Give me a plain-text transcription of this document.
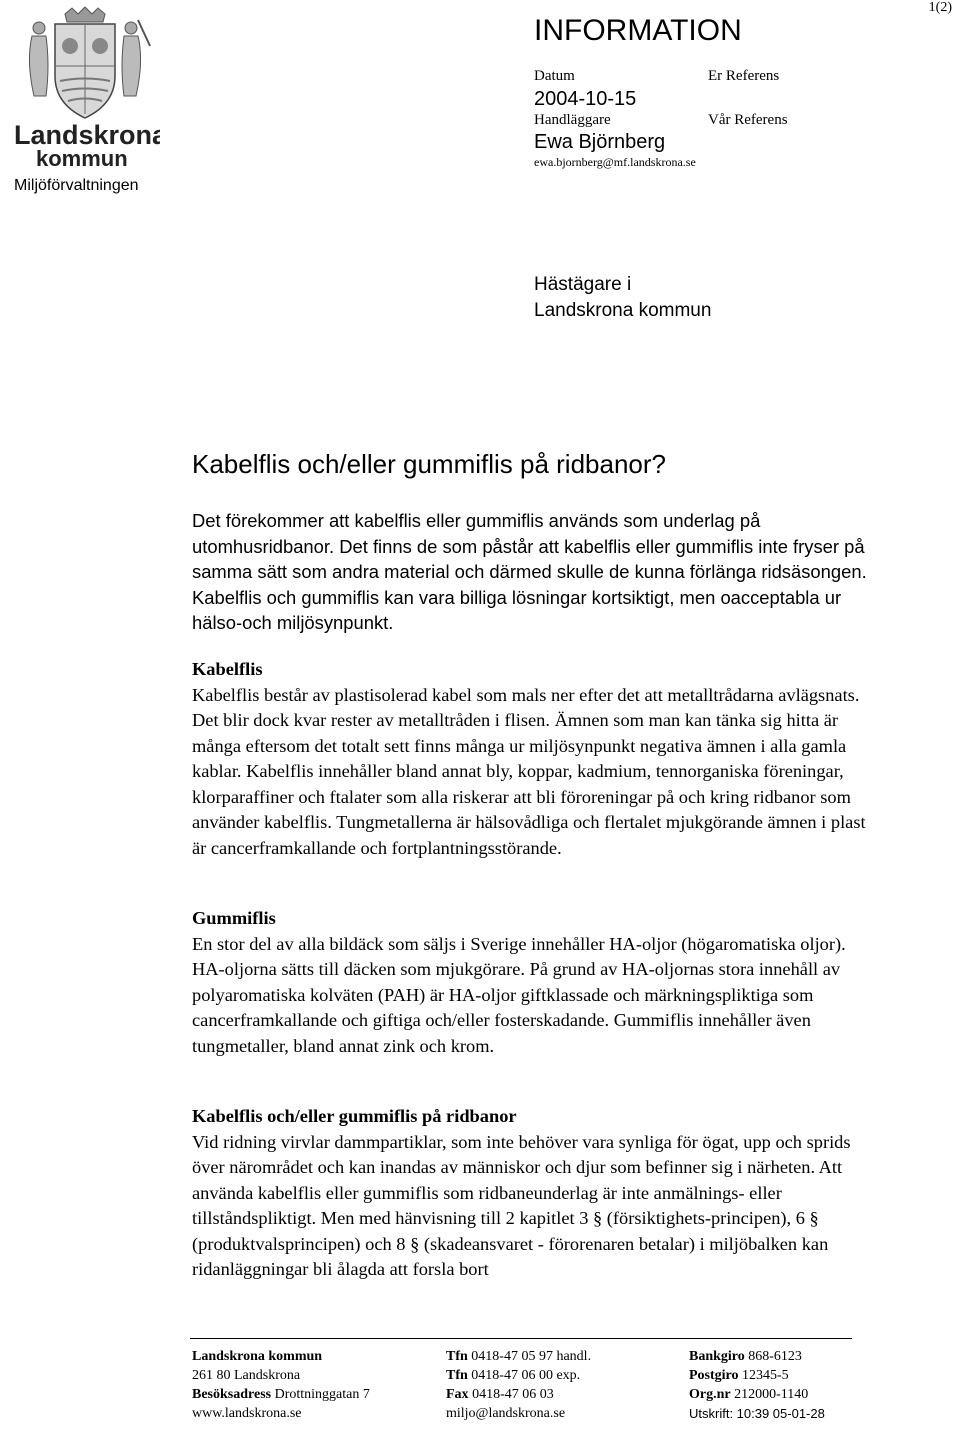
Landskrona
kommun
Miljöförvaltningen
1(2)
INFORMATION
Datum
2004-10-15
Handläggare
Ewa Björnberg
ewa.bjornberg@mf.landskrona.se
Er Referens
Vår Referens
Hästägare i
Landskrona kommun
Kabelflis och/eller gummiflis på ridbanor?
Det förekommer att kabelflis eller gummiflis används som underlag på utomhusridbanor. Det finns de som påstår att kabelflis eller gummiflis inte fryser på samma sätt som andra material och därmed skulle de kunna förlänga ridsäsongen. Kabelflis och gummiflis kan vara billiga lösningar kortsiktigt, men oacceptabla ur hälso-och miljösynpunkt.
Kabelflis
Kabelflis består av plastisolerad kabel som mals ner efter det att metalltrådarna avlägsnats. Det blir dock kvar rester av metalltråden i flisen. Ämnen som man kan tänka sig hitta är många eftersom det totalt sett finns många ur miljösynpunkt negativa ämnen i alla gamla kablar. Kabelflis innehåller bland annat bly, koppar, kadmium, tennorganiska föreningar, klorparaffiner och ftalater som alla riskerar att bli föroreningar på och kring ridbanor som använder kabelflis. Tungmetallerna är hälsovådliga och flertalet mjukgörande ämnen i plast är cancerframkallande och fortplantningsstörande.
Gummiflis
En stor del av alla bildäck som säljs i Sverige innehåller HA-oljor (högaromatiska oljor). HA-oljorna sätts till däcken som mjukgörare. På grund av HA-oljornas stora innehåll av polyaromatiska kolväten (PAH) är HA-oljor giftklassade och märkningspliktiga som cancerframkallande och giftiga och/eller fosterskadande. Gummiflis innehåller även tungmetaller, bland annat zink och krom.
Kabelflis och/eller gummiflis på ridbanor
Vid ridning virvlar dammpartiklar, som inte behöver vara synliga för ögat, upp och sprids över närområdet och kan inandas av människor och djur som befinner sig i närheten. Att använda kabelflis eller gummiflis som ridbaneunderlag är inte anmälnings- eller tillståndspliktigt. Men med hänvisning till 2 kapitlet 3 § (försiktighets-principen), 6 § (produktvalsprincipen) och 8 § (skadeansvaret - förorenaren betalar) i miljöbalken kan ridanläggningar bli ålagda att forsla bort
Landskrona kommun
261 80 Landskrona
Besöksadress Drottninggatan 7
www.landskrona.se
Tfn 0418-47 05 97 handl.
Tfn 0418-47 06 00 exp.
Fax 0418-47 06 03
miljo@landskrona.se
Bankgiro 868-6123
Postgiro 12345-5
Org.nr 212000-1140
Utskrift: 10:39 05-01-28
